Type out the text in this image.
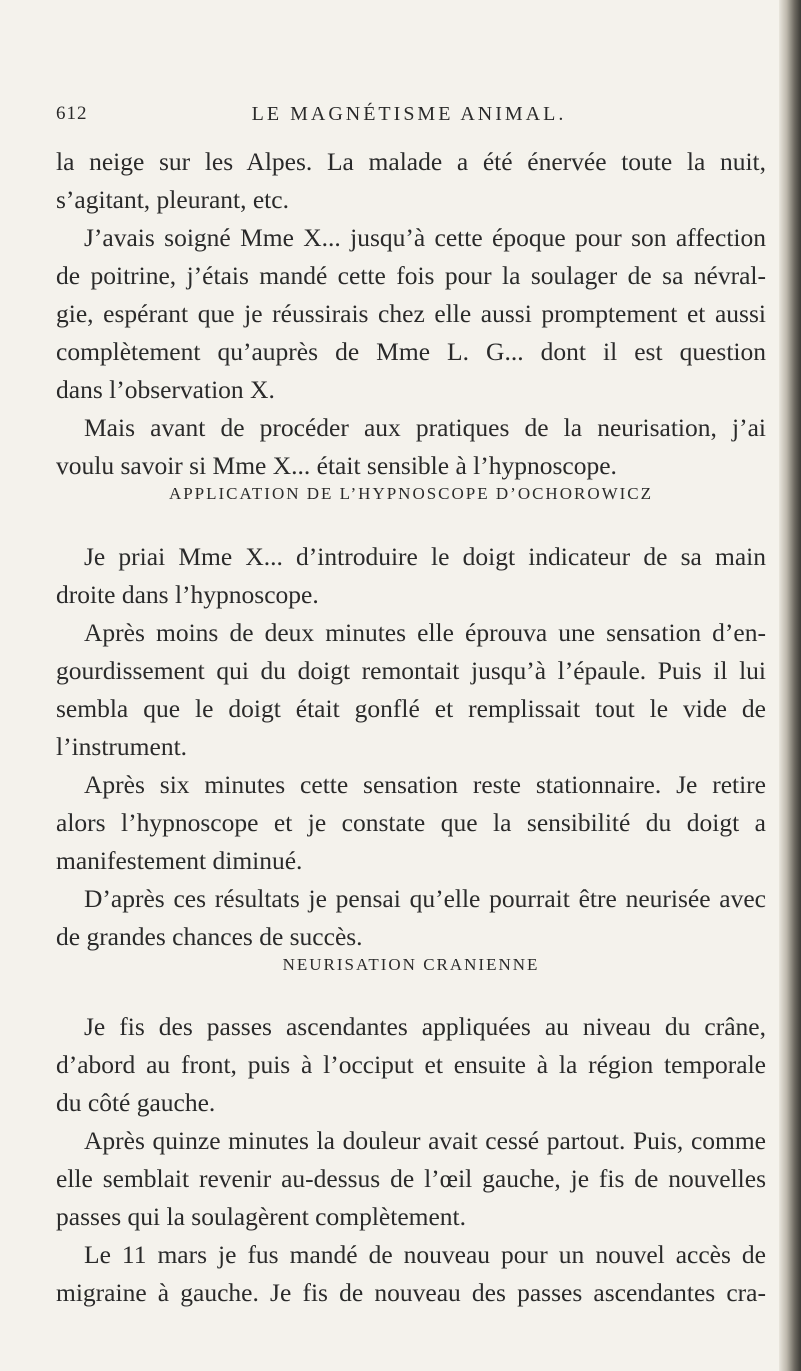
612	LE MAGNÉTISME ANIMAL.
la neige sur les Alpes. La malade a été énervée toute la nuit,
s’agitant, pleurant, etc.
J’avais soigné Mme X... jusqu’à cette époque pour son affection
de poitrine, j’étais mandé cette fois pour la soulager de sa névral-
gie, espérant que je réussirais chez elle aussi promptement et aussi
complètement qu’auprès de Mme L. G... dont il est question
dans l’observation X.
Mais avant de procéder aux pratiques de la neurisation, j’ai
voulu savoir si Mme X... était sensible à l’hypnoscope.
APPLICATION DE L’HYPNOSCOPE D’OCHOROWICZ
Je priai Mme X... d’introduire le doigt indicateur de sa main
droite dans l’hypnoscope.
Après moins de deux minutes elle éprouva une sensation d’en-
gourdissement qui du doigt remontait jusqu’à l’épaule. Puis il lui
sembla que le doigt était gonflé et remplissait tout le vide de
l’instrument.
Après six minutes cette sensation reste stationnaire. Je retire
alors l’hypnoscope et je constate que la sensibilité du doigt a
manifestement diminué.
D’après ces résultats je pensai qu’elle pourrait être neurisée avec
de grandes chances de succès.
NEURISATION CRANIENNE
Je fis des passes ascendantes appliquées au niveau du crâne,
d’abord au front, puis à l’occiput et ensuite à la région temporale
du côté gauche.
Après quinze minutes la douleur avait cessé partout. Puis, comme
elle semblait revenir au-dessus de l’œil gauche, je fis de nouvelles
passes qui la soulagèrent complètement.
Le 11 mars je fus mandé de nouveau pour un nouvel accès de
migraine à gauche. Je fis de nouveau des passes ascendantes cra-
